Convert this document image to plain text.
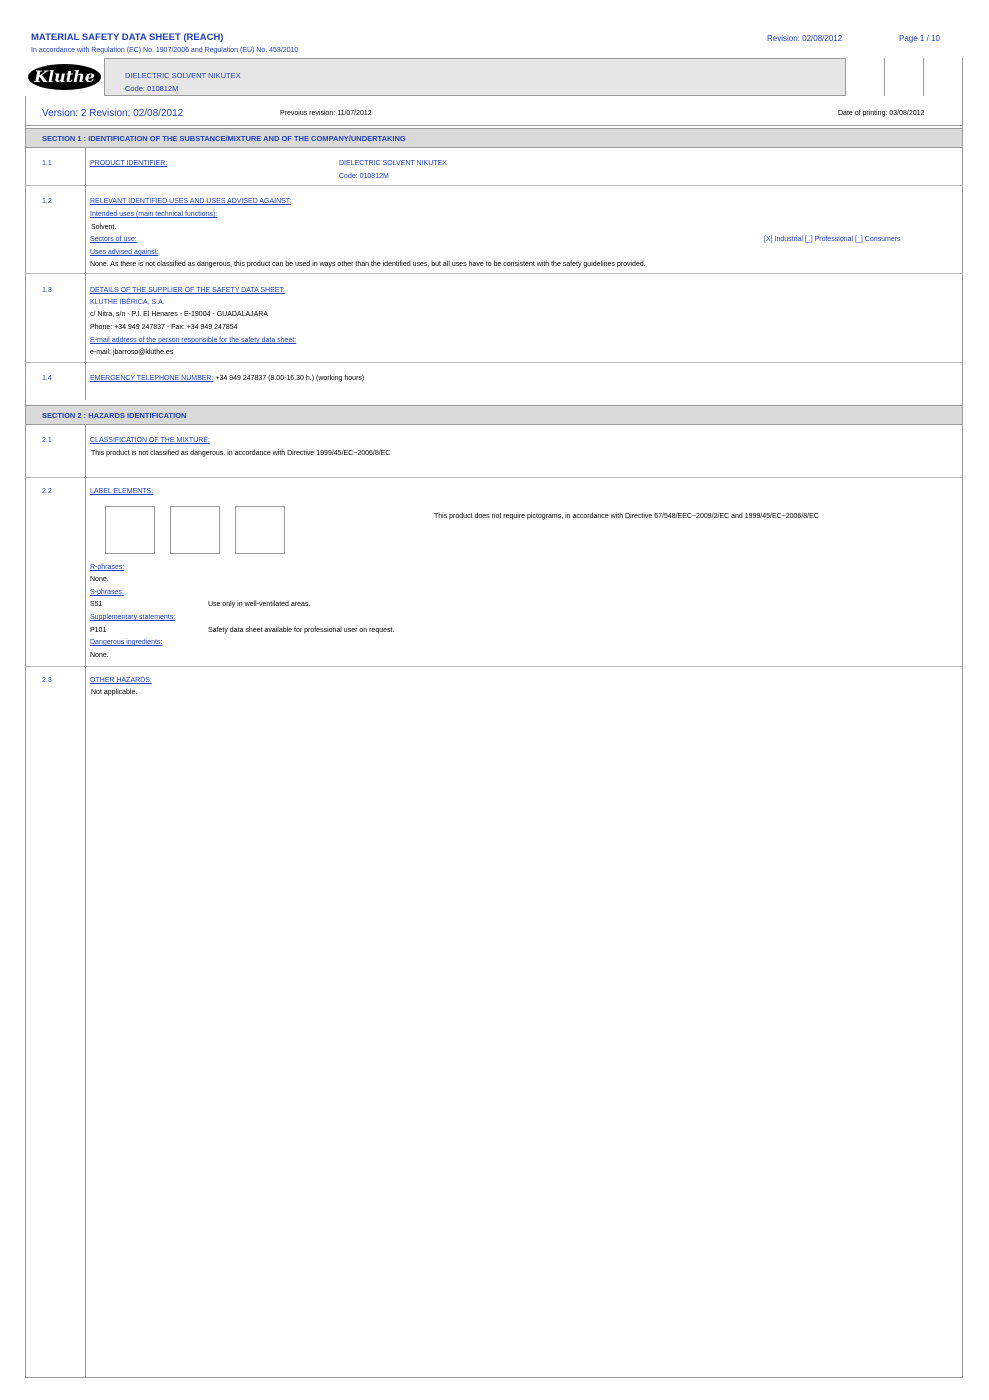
MATERIAL SAFETY DATA SHEET (REACH)
In accordance with Regulation (EC) No. 1907/2006 and Regulation (EU) No. 453/2010
Revision: 02/08/2012	Page 1 / 10
Kluthe	DIELECTRIC SOLVENT NIKUTEX
Code: 010812M
Version: 2 Revision: 02/08/2012	Prevoius revision: 11/07/2012	Date of printing: 03/08/2012
SECTION 1 : IDENTIFICATION OF THE SUBSTANCE/MIXTURE AND OF THE COMPANY/UNDERTAKING
1.1	PRODUCT IDENTIFIER:	DIELECTRIC SOLVENT NIKUTEX
Code: 010812M
1.2	RELEVANT IDENTIFIED USES AND USES ADVISED AGAINST:
Intended uses (main technical functions):
Solvent.
Sectors of use:	[X] Industrial [_] Professional [_] Consumers
Uses advised against:
None. As there is not classified as dangerous, this product can be used in ways other than the identified uses, but all uses have to be consistent with the safety guidelines provided.
1.3	DETAILS OF THE SUPPLIER OF THE SAFETY DATA SHEET:
KLUTHE IBÉRICA, S.A.
c/ Nitra, s/n - P.I. El Henares - E-19004 - GUADALAJARA
Phone: +34 949 247837 - Fax: +34 949 247854
E-mail address of the person responsible for the safety data sheet:
e-mail: jbarroso@kluthe.es
1.4	EMERGENCY TELEPHONE NUMBER: +34 949 247837 (8.00-16.30 h.) (working hours)
SECTION 2 : HAZARDS IDENTIFICATION
2.1	CLASSIFICATION OF THE MIXTURE:
This product is not classified as dangerous. in accordance with Directive 1999/45/EC~2006/8/EC
2.2	LABEL ELEMENTS:
This product does not require pictograms, in accordance with Directive 67/548/EEC~2009/2/EC and 1999/45/EC~2006/8/EC
R-phrases:
None.
S-phrases:
S51	Use only in well-ventilated areas.
Supplementary statements:
P101	Safety data sheet available for professional user on request.
Dangerous ingredients:
None.
2.3	OTHER HAZARDS:
Not applicable.
